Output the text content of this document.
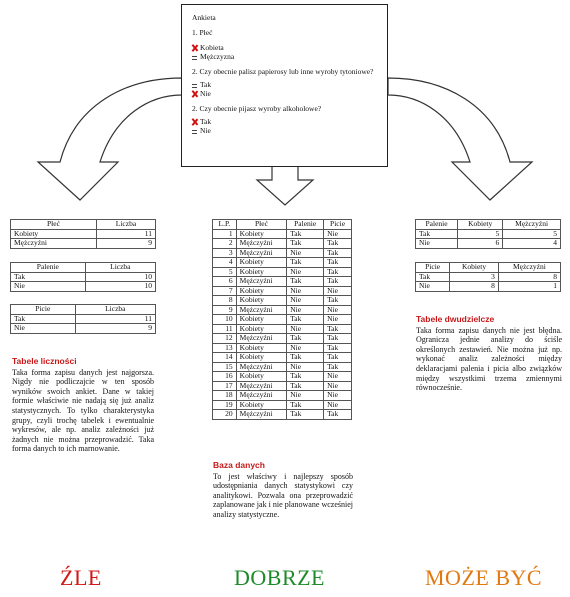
Ankieta
1. Płeć
Kobieta
Mężczyzna
2. Czy obecnie palisz papierosy lub inne wyroby tytoniowe?
Tak
Nie
2. Czy obecnie pijasz wyroby alkoholowe?
Tak
Nie
Płeć	Liczba
Kobiety	11
Mężczyźni	9
Palenie	Liczba
Tak	10
Nie	10
Picie	Liczba
Tak	11
Nie	9
Tabele liczności
Taka forma zapisu danych jest najgorsza. Nigdy nie podliczajcie w ten sposób wyników swoich ankiet. Dane w takiej formie właściwie nie nadają się już analiz statystycznych. To tylko charakterystyka grupy, czyli trochę tabelek i ewentualnie wykresów, ale np. analiz zależności już żadnych nie można przeprowadzić. Taka forma danych to ich marnowanie.
L.P.	Płeć	Palenie	Picie
1	Kobiety	Tak	Nie
2	Mężczyźni	Tak	Tak
3	Mężczyźni	Nie	Tak
4	Kobiety	Tak	Tak
5	Kobiety	Nie	Tak
6	Mężczyźni	Tak	Tak
7	Kobiety	Nie	Nie
8	Kobiety	Nie	Tak
9	Mężczyźni	Nie	Nie
10	Kobiety	Tak	Nie
11	Kobiety	Nie	Tak
12	Mężczyźni	Tak	Tak
13	Kobiety	Nie	Tak
14	Kobiety	Tak	Tak
15	Mężczyźni	Nie	Tak
16	Kobiety	Tak	Nie
17	Mężczyźni	Tak	Nie
18	Mężczyźni	Nie	Nie
19	Kobiety	Tak	Nie
20	Mężczyźni	Tak	Tak
Baza danych
To jest właściwy i najlepszy sposób udostępniania danych statystykowi czy analitykowi. Pozwala ona przeprowadzić zaplanowane jak i nie planowane wcześniej analizy statystyczne.
Palenie	Kobiety	Mężczyźni
Tak	5	5
Nie	6	4
Picie	Kobiety	Mężczyźni
Tak	3	8
Nie	8	1
Tabele dwudzielcze
Taka forma zapisu danych nie jest błędna. Ogranicza jednie analizy do ściśle określonych zestawień. Nie można już np. wykonać analiz zależności między deklaracjami palenia i picia albo związków między wszystkimi trzema zmiennymi równocześnie.
ŹLE	DOBRZE	MOŻE BYĆ
